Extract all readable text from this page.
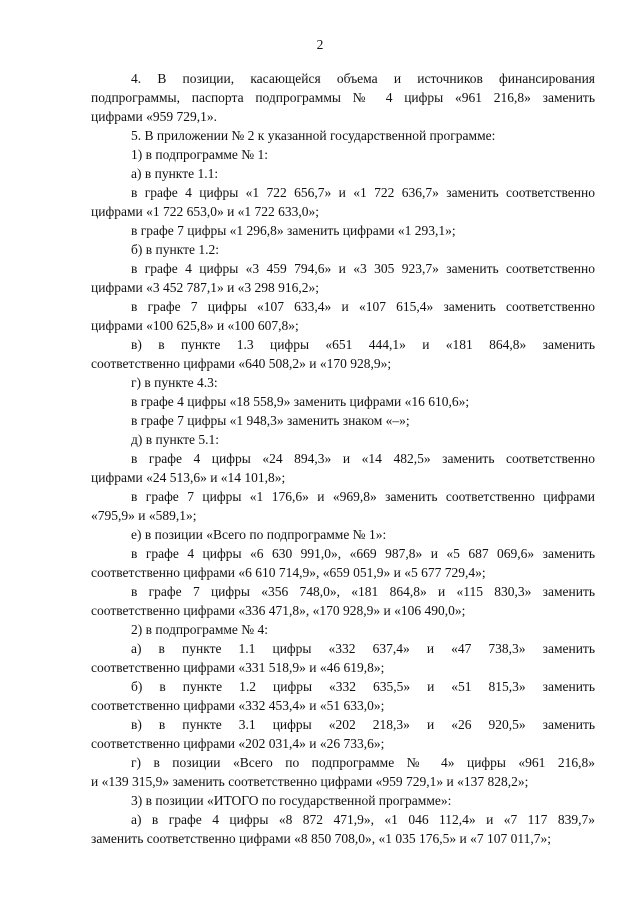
2
4. В позиции, касающейся объема и источников финансирования
подпрограммы, паспорта подпрограммы № 4 цифры «961 216,8» заменить
цифрами «959 729,1».
5. В приложении № 2 к указанной государственной программе:
1) в подпрограмме № 1:
а) в пункте 1.1:
в графе 4 цифры «1 722 656,7» и «1 722 636,7» заменить соответственно
цифрами «1 722 653,0» и «1 722 633,0»;
в графе 7 цифры «1 296,8» заменить цифрами «1 293,1»;
б) в пункте 1.2:
в графе 4 цифры «3 459 794,6» и «3 305 923,7» заменить соответственно
цифрами «3 452 787,1» и «3 298 916,2»;
в графе 7 цифры «107 633,4» и «107 615,4» заменить соответственно
цифрами «100 625,8» и «100 607,8»;
в) в пункте 1.3 цифры «651 444,1» и «181 864,8» заменить
соответственно цифрами «640 508,2» и «170 928,9»;
г) в пункте 4.3:
в графе 4 цифры «18 558,9» заменить цифрами «16 610,6»;
в графе 7 цифры «1 948,3» заменить знаком «–»;
д) в пункте 5.1:
в графе 4 цифры «24 894,3» и «14 482,5» заменить соответственно
цифрами «24 513,6» и «14 101,8»;
в графе 7 цифры «1 176,6» и «969,8» заменить соответственно цифрами
«795,9» и «589,1»;
е) в позиции «Всего по подпрограмме № 1»:
в графе 4 цифры «6 630 991,0», «669 987,8» и «5 687 069,6» заменить
соответственно цифрами «6 610 714,9», «659 051,9» и «5 677 729,4»;
в графе 7 цифры «356 748,0», «181 864,8» и «115 830,3» заменить
соответственно цифрами «336 471,8», «170 928,9» и «106 490,0»;
2) в подпрограмме № 4:
а) в пункте 1.1 цифры «332 637,4» и «47 738,3» заменить
соответственно цифрами «331 518,9» и «46 619,8»;
б) в пункте 1.2 цифры «332 635,5» и «51 815,3» заменить
соответственно цифрами «332 453,4» и «51 633,0»;
в) в пункте 3.1 цифры «202 218,3» и «26 920,5» заменить
соответственно цифрами «202 031,4» и «26 733,6»;
г) в позиции «Всего по подпрограмме № 4» цифры «961 216,8»
и «139 315,9» заменить соответственно цифрами «959 729,1» и «137 828,2»;
3) в позиции «ИТОГО по государственной программе»:
а) в графе 4 цифры «8 872 471,9», «1 046 112,4» и «7 117 839,7»
заменить соответственно цифрами «8 850 708,0», «1 035 176,5» и «7 107 011,7»;
